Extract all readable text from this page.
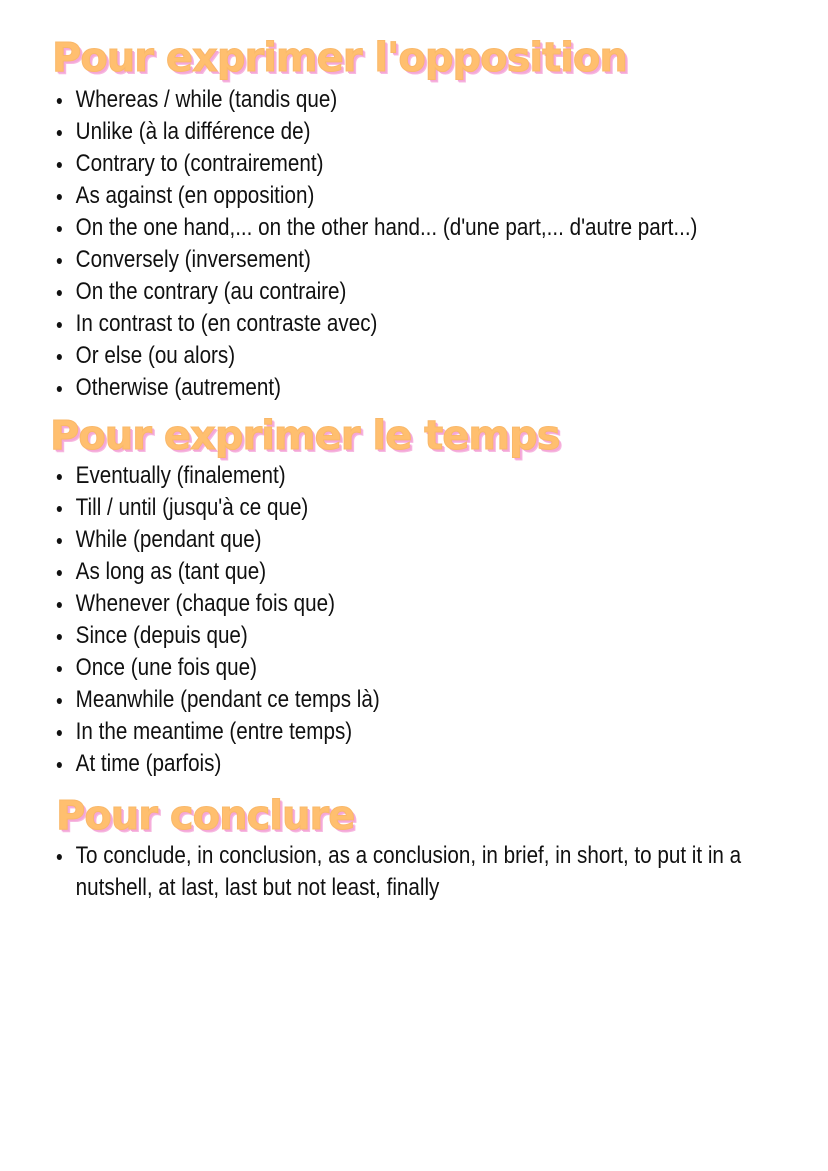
Pour exprimer l'opposition
Whereas / while (tandis que)
Unlike (à la différence de)
Contrary to (contrairement)
As against (en opposition)
On the one hand,... on the other hand... (d'une part,... d'autre part...)
Conversely (inversement)
On the contrary (au contraire)
In contrast to (en contraste avec)
Or else (ou alors)
Otherwise (autrement)
Pour exprimer le temps
Eventually (finalement)
Till / until (jusqu'à ce que)
While (pendant que)
As long as (tant que)
Whenever (chaque fois que)
Since (depuis que)
Once (une fois que)
Meanwhile (pendant ce temps là)
In the meantime (entre temps)
At time (parfois)
Pour conclure
To conclude, in conclusion, as a conclusion, in brief, in short, to put it in a nutshell, at last, last but not least, finally
